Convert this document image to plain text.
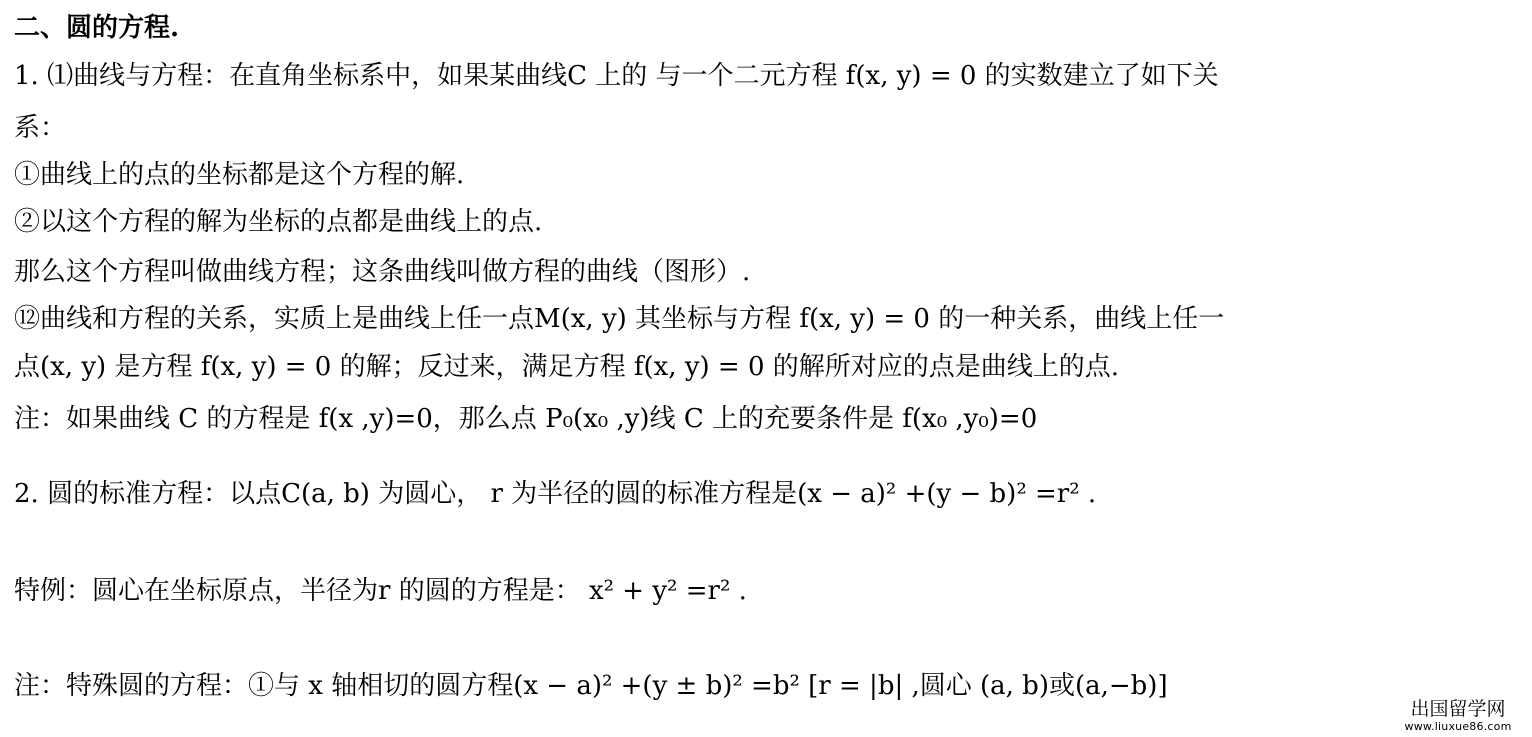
二、圆的方程.
1. ⑴曲线与方程：在直角坐标系中，如果某曲线C 上的 与一个二元方程 f(x, y) = 0 的实数建立了如下关
系：
①曲线上的点的坐标都是这个方程的解.
②以这个方程的解为坐标的点都是曲线上的点.
那么这个方程叫做曲线方程；这条曲线叫做方程的曲线（图形）.
⑫曲线和方程的关系，实质上是曲线上任一点M(x, y) 其坐标与方程 f(x, y) = 0 的一种关系，曲线上任一
点(x, y) 是方程 f(x, y) = 0 的解；反过来，满足方程 f(x, y) = 0 的解所对应的点是曲线上的点.
注：如果曲线 C 的方程是 f(x ,y)=0，那么点 P₀(x₀ ,y)线 C 上的充要条件是 f(x₀ ,y₀)=0
2. 圆的标准方程：以点C(a, b) 为圆心， r 为半径的圆的标准方程是(x − a)² +(y − b)² =r² .
特例：圆心在坐标原点，半径为r 的圆的方程是： x² + y² =r² .
注：特殊圆的方程：①与 x 轴相切的圆方程(x − a)² +(y ± b)² =b² [r = |b| ,圆心 (a, b)或(a,−b)]
出国留学网
www.liuxue86.com
